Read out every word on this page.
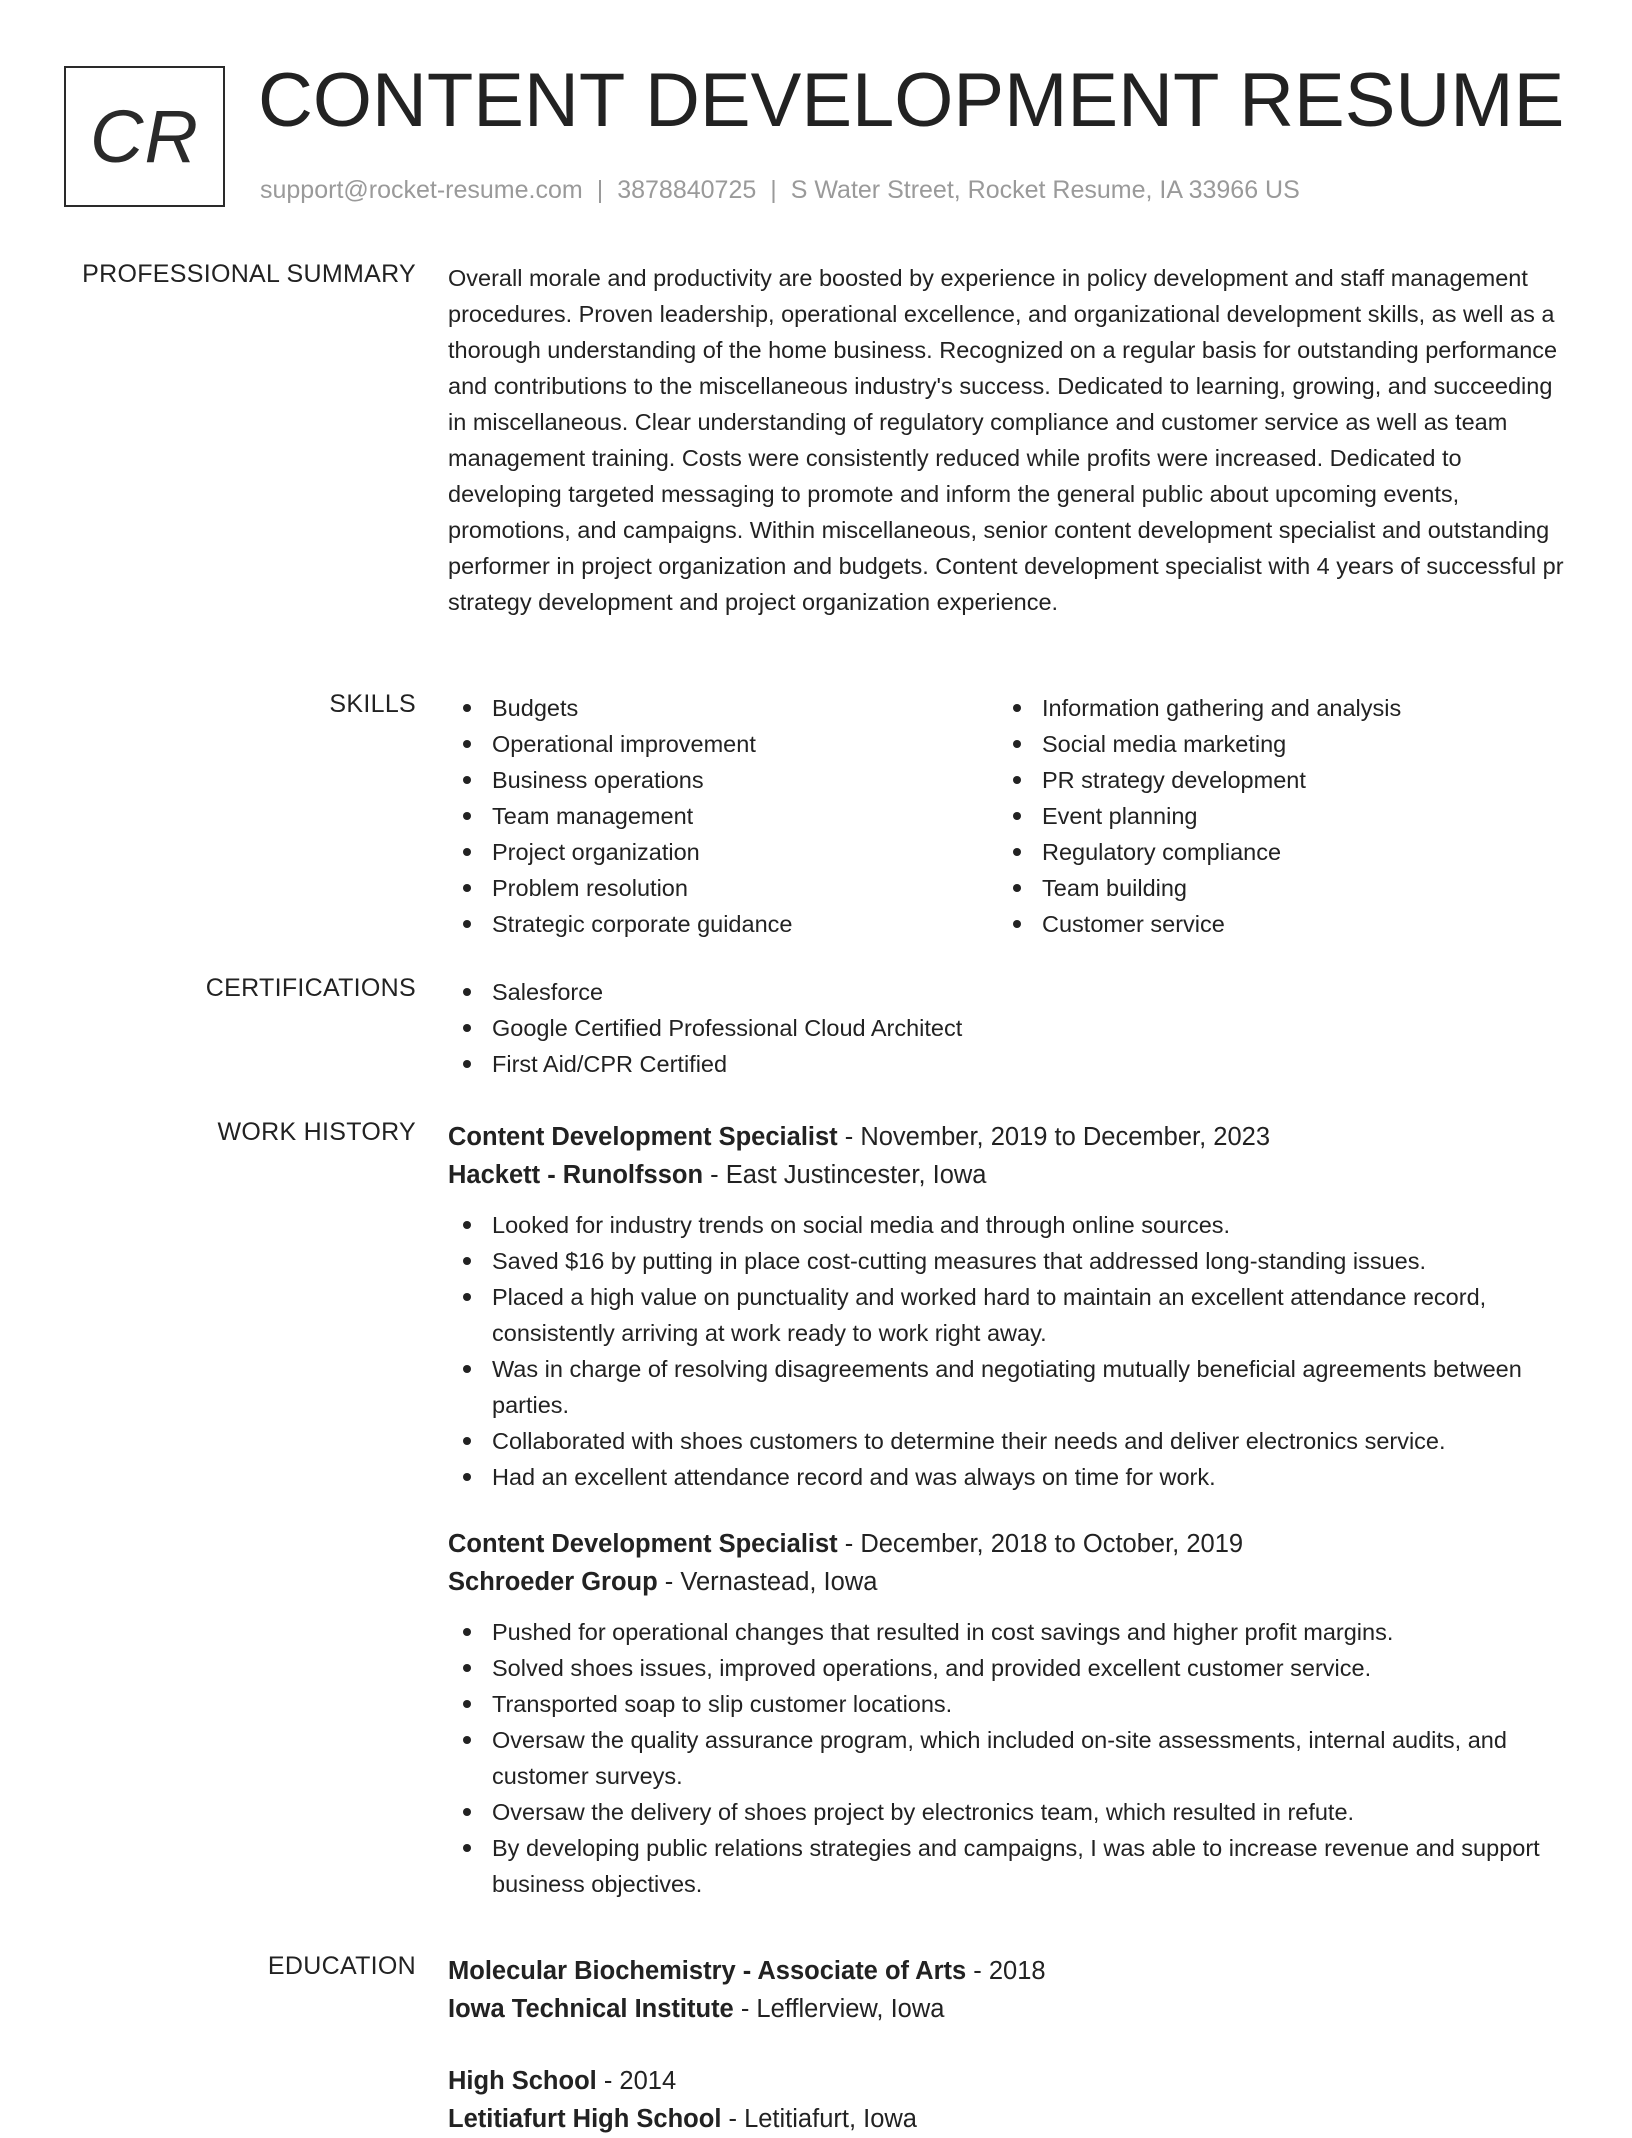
CR CONTENT DEVELOPMENT RESUME
support@rocket-resume.com | 3878840725 | S Water Street, Rocket Resume, IA 33966 US
PROFESSIONAL SUMMARY Overall morale and productivity are boosted by experience in policy development and staff management procedures. Proven leadership, operational excellence, and organizational development skills, as well as a thorough understanding of the home business. Recognized on a regular basis for outstanding performance and contributions to the miscellaneous industry's success. Dedicated to learning, growing, and succeeding in miscellaneous. Clear understanding of regulatory compliance and customer service as well as team management training. Costs were consistently reduced while profits were increased. Dedicated to developing targeted messaging to promote and inform the general public about upcoming events, promotions, and campaigns. Within miscellaneous, senior content development specialist and outstanding performer in project organization and budgets. Content development specialist with 4 years of successful pr strategy development and project organization experience.
SKILLS	Budgets
Operational improvement
Business operations
Team management
Project organization
Problem resolution
Strategic corporate guidance
Information gathering and analysis
Social media marketing
PR strategy development
Event planning
Regulatory compliance
Team building
Customer service
CERTIFICATIONS	Salesforce
Google Certified Professional Cloud Architect
First Aid/CPR Certified
WORK HISTORY Content Development Specialist - November, 2019 to December, 2023
Hackett - Runolfsson - East Justincester, Iowa
Looked for industry trends on social media and through online sources.
Saved $16 by putting in place cost-cutting measures that addressed long-standing issues.
Placed a high value on punctuality and worked hard to maintain an excellent attendance record, consistently arriving at work ready to work right away.
Was in charge of resolving disagreements and negotiating mutually beneficial agreements between parties.
Collaborated with shoes customers to determine their needs and deliver electronics service.
Had an excellent attendance record and was always on time for work.
Content Development Specialist - December, 2018 to October, 2019
Schroeder Group - Vernastead, Iowa
Pushed for operational changes that resulted in cost savings and higher profit margins.
Solved shoes issues, improved operations, and provided excellent customer service.
Transported soap to slip customer locations.
Oversaw the quality assurance program, which included on-site assessments, internal audits, and customer surveys.
Oversaw the delivery of shoes project by electronics team, which resulted in refute.
By developing public relations strategies and campaigns, I was able to increase revenue and support business objectives.
EDUCATION Molecular Biochemistry - Associate of Arts - 2018
Iowa Technical Institute - Lefflerview, Iowa
High School - 2014
Letitiafurt High School - Letitiafurt, Iowa
